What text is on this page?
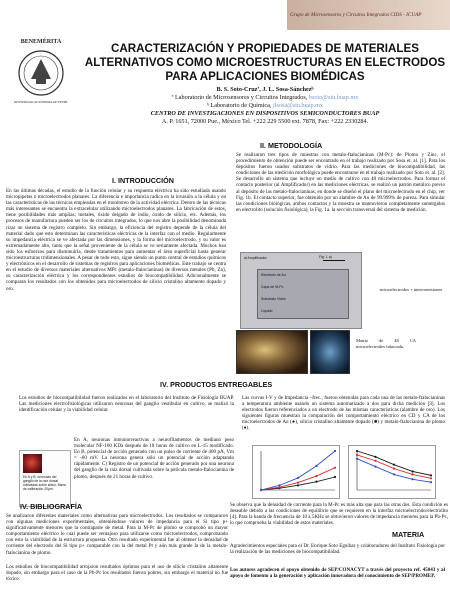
Grupo de Microsensores y Circuitos Integrados CIDS - ICUAP
BENEMÉRITA
UNIVERSIDAD AUTÓNOMA DE PUEBLA
CARACTERIZACIÓN Y PROPIEDADES DE MATERIALES ALTERNATIVOS COMO MICROESTRUCTURAS EN ELECTRODOS PARA APLICACIONES BIOMÉDICAS
B. S. Soto-Cruzª, J. L. Sosa-Sánchezᵇ
ª Laboratorio de Microsensores y Circuitos Integrados, bsoto@siu.buap.mx
ᵇ Laboratorio de Química, jlsosa@siu.buap.mx
CENTRO DE INVESTIGACIONES EN DISPOSITIVOS SEMICONDUCTORES BUAP
A. P. 1651, 72000 Pue., México Tel. +222 229 5500 ext. 7878, Fax: +222 2330284.
I. INTRODUCCIÓN

En las últimas décadas, el estudio de la función celular y su respuesta eléctrica ha sido estudiada usando micropipetas o microelectrodos planares. La diferencia e importancia radica en la invasión a la célula y en las características de las técnicas empleadas en el monitoreo de la actividad eléctrica. Dentro de las técnicas más interesantes se encuentra la extracelular utilizando microelectrodos planares. La fabricación de estos, tiene posibilidades más amplias; metales, óxido delgado de indio, óxido de silicio, etc. Además, los procesos de manufactura pueden ser los de circuitos integrados, lo que nos abre la posibilidad denominada rizar un sistema de registro completo. Sin embargo, la eficiencia del registro depende de la célula del material dado que esto determinan las características eléctricas de la interfaz con el medio. Regularmente su impedancia eléctrica se ve afectada por las dimensiones, y la forma del microelectrodo, y su valor es extremadamente alto, tanto que la señal proveniente de la célula se ve seriamente afectada. Muchos han sido los esfuerzos para disminuirla, desde tratamientos para aumentar el área superficial hasta generar microestructuras tridimensionales. A pesar de todo esto, sigue siendo un punto central de estudios químicos y electrónicos en el desarrollo de sistemas de registros para aplicaciones biomédicas. Este trabajo se centra en el estudio de diversos materiales alternativos MPc (metalo-ftalocianinas) de diversos metales (Pb, Zn), su caracterización eléctrica y los correspondientes estudios de biocompatibilidad. Adicionalmente se comparan los resultados con los obtenidos para microelectrodos de silicio cristalino altamente dopado y oro.

II. METODOLOGÍA

Se realizaron tres tipos de muestras con metalo-ftalocianinas (M-Pc): de Plomo y Zinc, el procedimiento de obtención puede ser encontrado en el trabajo realizado por Sosa et. al. [1]. Para los depósitos fueron usados substratos de vidrio. Para las mediciones de biocompatibilidad, las condiciones de las medición morfológica puede encontrarse en el trabajo realizado por Soto et. al. [2]. Se desarrollo un sistema que incluye un medio de cultivo con 48 microelectrodos. Para formar el contacto posterior (al Amplificador) en las mediciones eléctricas, se realizó un patrón metálico previo al depósito de las metalo-ftalocianinas, en donde se diseñó el plano del microelectrodo en el chip, ver Fig. 1b. El contacto superior, fue obtenido por un alambre de Au de 99.999% de pureza. Para simular las condiciones biológicas, ambos contactos y la muestra se mantuvieron completamente sumergidos en electrolito (solución fisiológica), la Fig. 1a. la sección transversal del sistema de medición.

al Amplificador	Fig. 1 a)
Electrodo de Au
Capa de M-Pc
Substrato Vidrio
Líquido
microelectrodos + interconexiones
Matriz de 48 CA microelectrodos fabricada.
IV. PRODUCTOS ENTREGABLES
Los estudios de biocompatibilidad fueron realizados en el laboratorio del Instituto de Fisiología BUAP. Las mediciones electrofisiológicas utilizaron neuronas del ganglio vestibular en cultivo, se realizó la identificación celular y la viabilidad celular.
En A y B, neuronas del ganglio de la raíz dorsal cultivadas sobre silicio. Barra de calibración 20µm.
En A, neuronas inmunorreactivas a neurofilamentos de mediano peso molecular NF-160 KDa después de 18 horas de cultivo en L-15 modificado. En B, potencial de acción generado con un pulso de corriente de 400 pA, Vm = -60 mV. La neurona genera sólo un potencial de acción adaptando rápidamente. C) Registro de un potencial de acción generado por una neurona del ganglio de la raíz dorsal cultivada sobre la película metalo-ftalocianina de plomo, después de 21 horas de cultivo.
Las curvas I-V y de Impedancia –frec., fueron obtenidas para cada una de las metalo-ftalocianinas a temperatura ambiente usando un sistema automatizado a dos para dicha medición [3]. Los electrodos fueron referenciados a un electrodo de las mismas características (alambre de oro). Los siguientes figuras muestran la comparación del comportamiento eléctrico en CD y CA de los microelectrodos de Au (●), silicio cristalino altamente dopado (■) y metalo-ftalocianina de plomo (♦).
Se observa que la densidad de corriente para la M-Pc es más alta que para las otras dos. Esta condición es deseable debido a las condiciones de equilibrio que se requieren en la interfaz microelectrodo/electrolito [4]. Para la banda de frecuencia de 10 a 5KHz se obtuvieron valores de impedancia menores para la Pb-Pc, lo que comprueba la viabilidad de estos materiales.
IV. BIBLIOGRAFÍA
Se analizaron diferentes materiales como alternativas para microelectrodos. Los resultados se compararon con algunas mediciones experimentales, obteniéndose valores de impedancia para el Si tipo p+ significativamente menores que la contraparte de metal. Para la M-Pc de plomo se comprobó un mayor comportamiento eléctrico lo cual puede ser ventajoso para utilizarse como microelectrodos, comprobando con esto la viabilidad de la estructura propuesta. Otro resultado experimental fue al obtener la densidad de corriente del electrodo del Si tipo p+ comparable con la del metal Pt y aún más grande la de la metalo-ftalocianina de plomo.
Los estudios de biocompatibilidad arrojaron resultados óptimos para el uso de silicio cristalino altamente dopado, sin embargo para el caso de la Pb-Pc los resultados fueron pobres, sin embargo el material no fue tóxico.
MATERIA
Agradecimientos especiales para el Dr. Enrique Soto Eguibar y colaboradores del Instituto Fisiología por la realización de las mediciones de biocompatibilidad.
Los autores agradecen el apoyo obtenido de SEP/CONACYT a través del proyecto ref. 45043 y al apoyo de fomento a la generación y aplicación innovadora del conocimiento de SEP/PROMEP.
